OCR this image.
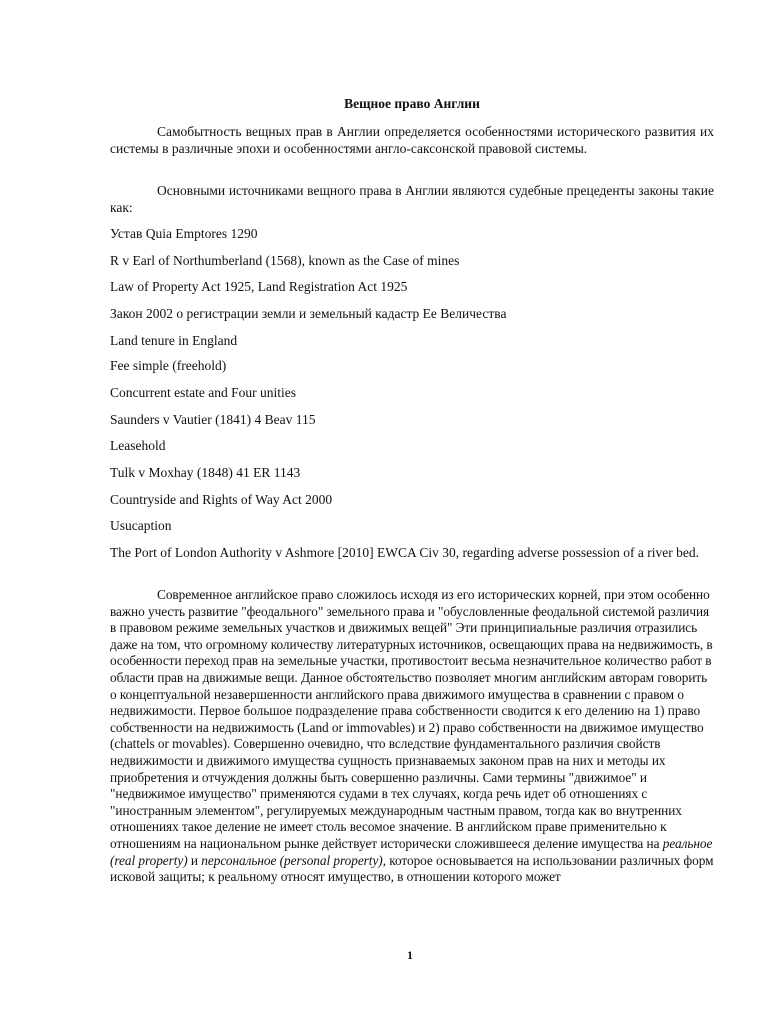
Вещное право Англии

Самобытность вещных прав в Англии определяется особенностями исторического развития их системы в различные эпохи и особенностями англо-саксонской правовой системы.

Основными источниками вещного права в Англии являются судебные прецеденты законы такие как:

Устав Quia Emptores 1290

R v Earl of Northumberland (1568), known as the Case of mines

Law of Property Act 1925, Land Registration Act 1925

Закон 2002 о регистрации земли и земельный кадастр Ее Величества

Land tenure in England

Fee simple (freehold)

Concurrent estate and Four unities

Saunders v Vautier (1841) 4 Beav 115

Leasehold

Tulk v Moxhay (1848) 41 ER 1143

Countryside and Rights of Way Act 2000

Usucaption

The Port of London Authority v Ashmore [2010] EWCA Civ 30, regarding adverse possession of a river bed.

Современное английское право сложилось исходя из его исторических корней, при этом особенно важно учесть развитие "феодального" земельного права и "обусловленные феодальной системой различия в правовом режиме земельных участков и движимых вещей" Эти принципиальные различия отразились даже на том, что огромному количеству литературных источников, освещающих права на недвижимость, в особенности переход прав на земельные участки, противостоит весьма незначительное количество работ в области прав на движимые вещи. Данное обстоятельство позволяет многим английским авторам говорить о концептуальной незавершенности английского права движимого имущества в сравнении с правом о недвижимости. Первое большое подразделение права собственности сводится к его делению на 1) право собственности на недвижимость (Land or immovables) и 2) право собственности на движимое имущество (chattels or movables). Совершенно очевидно, что вследствие фундаментального различия свойств недвижимости и движимого имущества сущность признаваемых законом прав на них и методы их приобретения и отчуждения должны быть совершенно различны. Сами термины "движимое" и "недвижимое имущество" применяются судами в тех случаях, когда речь идет об отношениях с "иностранным элементом", регулируемых международным частным правом, тогда как во внутренних отношениях такое деление не имеет столь весомое значение. В английском праве применительно к отношениям на национальном рынке действует исторически сложившееся деление имущества на реальное (real property) и персональное (personal property), которое основывается на использовании различных форм исковой защиты; к реальному относят имущество, в отношении которого может

1
